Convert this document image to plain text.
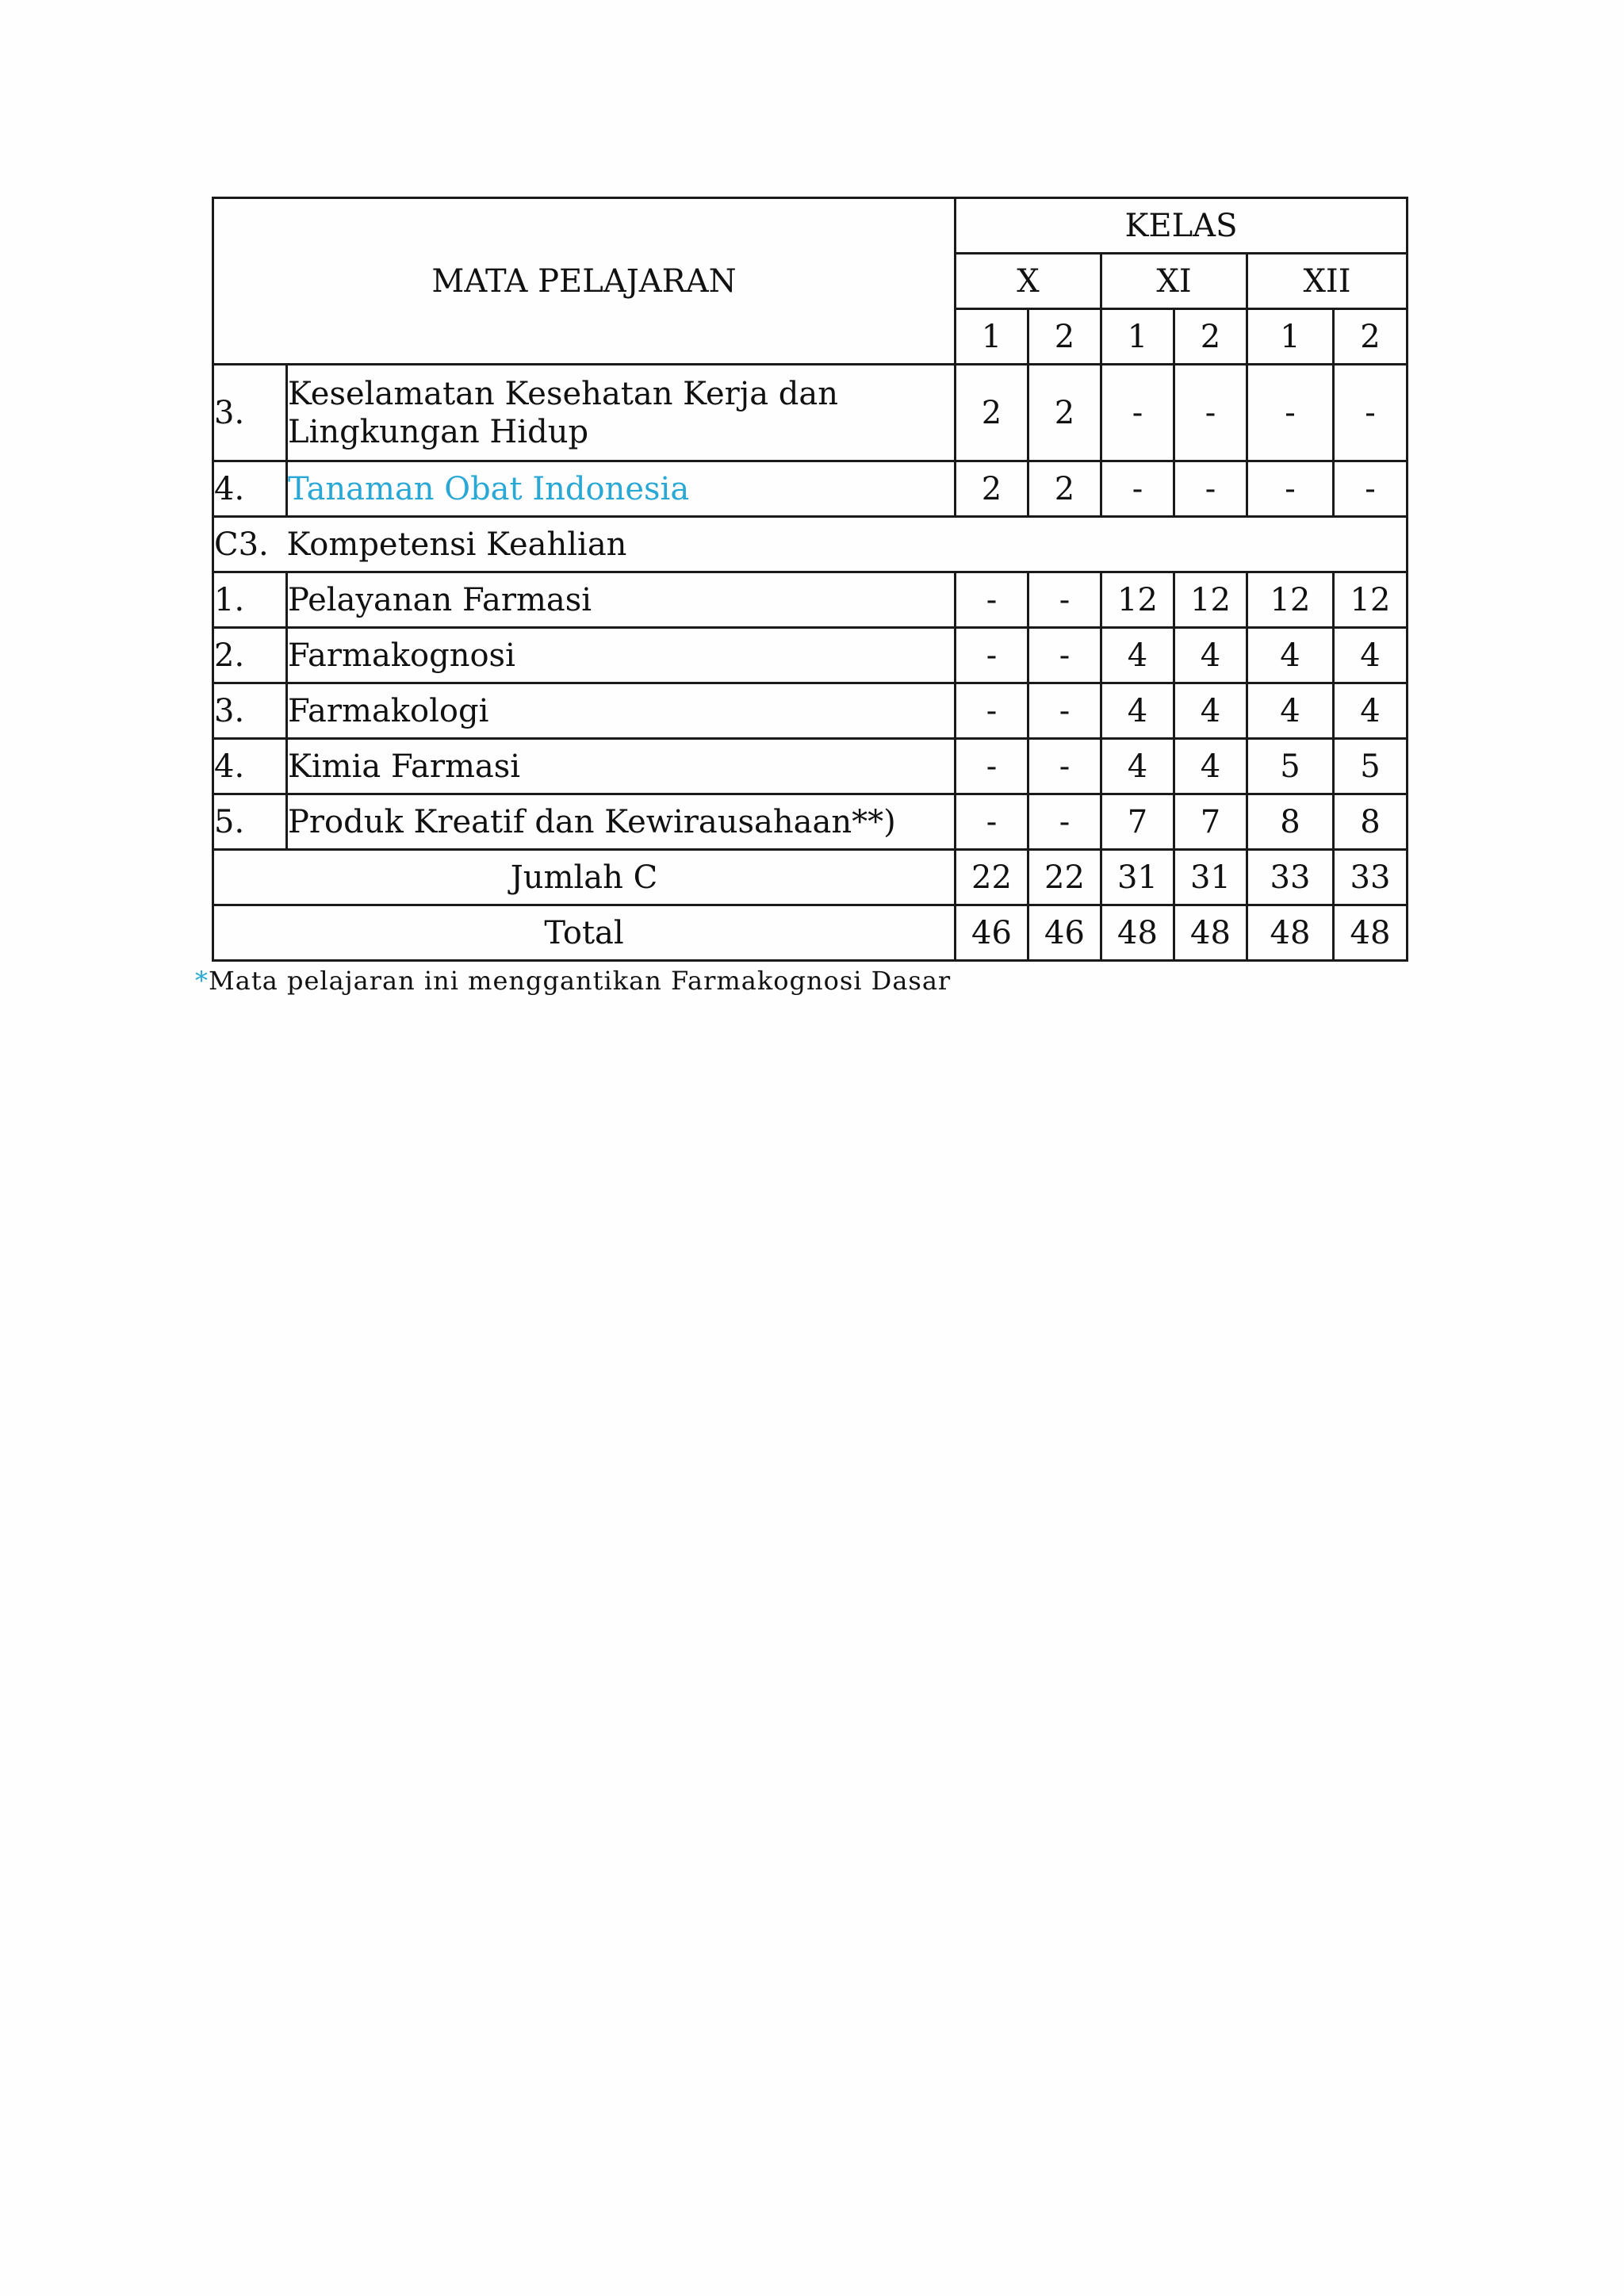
MATA PELAJARAN		KELAS					
		X		XI		XII	
		1	2	1	2	1	2
3.	Keselamatan Kesehatan Kerja dan
Lingkungan Hidup	2	2	-	-	-	-
4.	Tanaman Obat Indonesia	2	2	-	-	-	-
C3.	Kompetensi Keahlian						
1.	Pelayanan Farmasi	-	-	12	12	12	12
2.	Farmakognosi	-	-	4	4	4	4
3.	Farmakologi	-	-	4	4	4	4
4.	Kimia Farmasi	-	-	4	4	5	5
5.	Produk Kreatif dan Kewirausahaan**)	-	-	7	7	8	8
Jumlah C		22	22	31	31	33	33
Total		46	46	48	48	48	48
*Mata pelajaran ini menggantikan Farmakognosi Dasar
